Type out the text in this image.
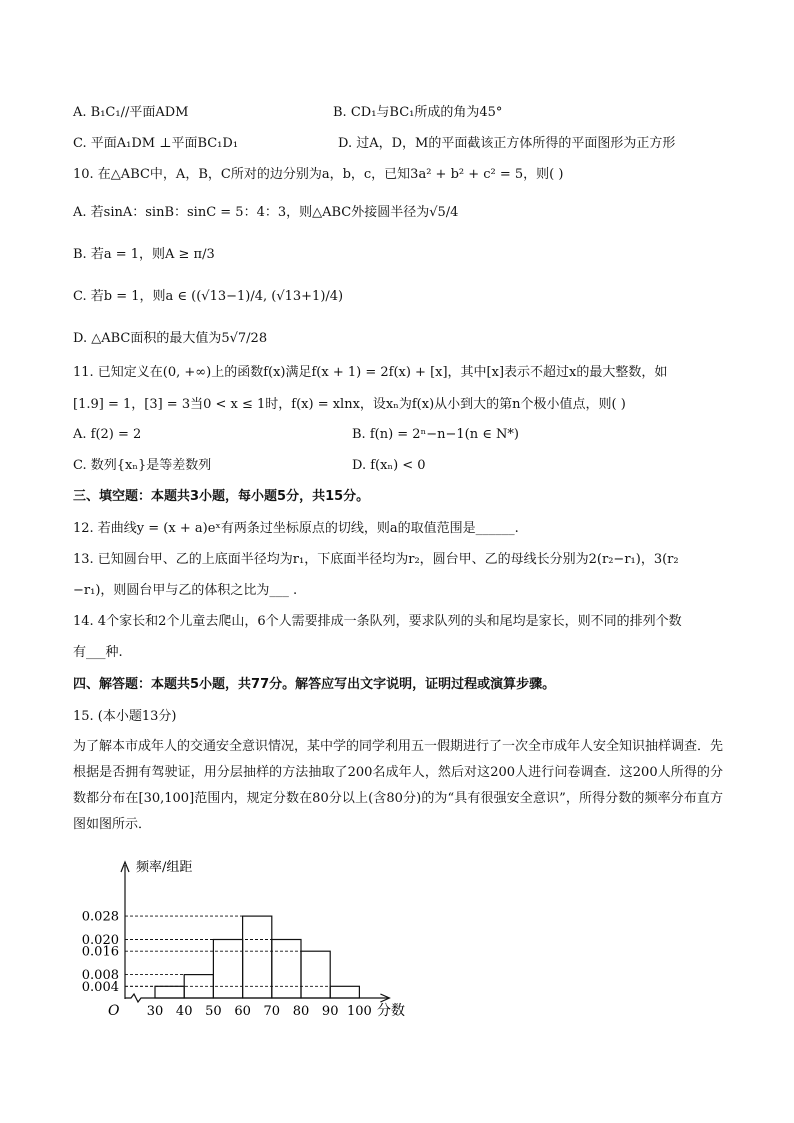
A. B₁C₁//平面ADM	B. CD₁与BC₁所成的角为45°
C. 平面A₁DM ⊥平面BC₁D₁	D. 过A，D，M的平面截该正方体所得的平面图形为正方形
10. 在△ABC中，A，B，C所对的边分别为a，b，c，已知3a² + b² + c² = 5，则( )
A. 若sinA：sinB：sinC = 5：4：3，则△ABC外接圆半径为√5/4
B. 若a = 1，则A ≥ π/3
C. 若b = 1，则a ∈ ((√13−1)/4, (√13+1)/4)
D. △ABC面积的最大值为5√7/28
11. 已知定义在(0, +∞)上的函数f(x)满足f(x + 1) = 2f(x) + [x]，其中[x]表示不超过x的最大整数，如
[1.9] = 1，[3] = 3当0 < x ≤ 1时，f(x) = xlnx，设xₙ为f(x)从小到大的第n个极小值点，则( )
A. f(2) = 2	B. f(n) = 2ⁿ−n−1(n ∈ N*)
C. 数列{xₙ}是等差数列	D. f(xₙ) < 0
三、填空题：本题共3小题，每小题5分，共15分。
12. 若曲线y = (x + a)eˣ有两条过坐标原点的切线，则a的取值范围是______.
13. 已知圆台甲、乙的上底面半径均为r₁，下底面半径均为r₂，圆台甲、乙的母线长分别为2(r₂−r₁)，3(r₂
−r₁)，则圆台甲与乙的体积之比为___ .
14. 4个家长和2个儿童去爬山，6个人需要排成一条队列，要求队列的头和尾均是家长，则不同的排列个数
有___种.
四、解答题：本题共5小题，共77分。解答应写出文字说明，证明过程或演算步骤。
15. (本小题13分)
为了解本市成年人的交通安全意识情况，某中学的同学利用五一假期进行了一次全市成年人安全知识抽样调查．先根据是否拥有驾驶证，用分层抽样的方法抽取了200名成年人，然后对这200人进行问卷调查．这200人所得的分数都分布在[30,100]范围内，规定分数在80分以上(含80分)的为“具有很强安全意识”，所得分数的频率分布直方图如图所示．
0.028
0.020
0.016
0.008
0.004
30 40 50 60 70 80 90 100
频率/组距
分数
O
